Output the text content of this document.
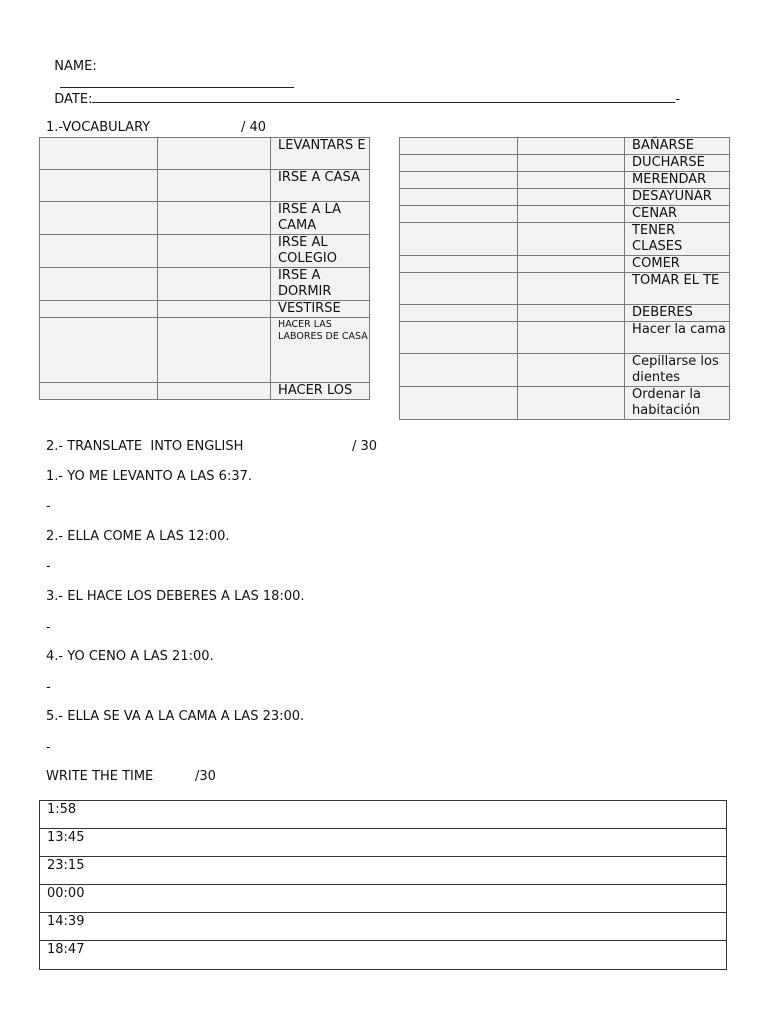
NAME:

DATE:	-

1.-VOCABULARY	/ 40
		LEVANTARS E
		IRSE A CASA
		IRSE A LA CAMA
		IRSE AL COLEGIO
		IRSE A DORMIR
		VESTIRSE
		HACER LAS LABORES DE CASA
		HACER LOS
		BAÑARSE
		DUCHARSE
		MERENDAR
		DESAYUNAR
		CENAR
		TENER CLASES
		COMER
		TOMAR EL TE
		DEBERES
		Hacer la cama
		Cepillarse los dientes
		Ordenar la habitación
2.- TRANSLATE  INTO ENGLISH	/ 30
1.- YO ME LEVANTO A LAS 6:37.
-
2.- ELLA COME A LAS 12:00.
-
3.- EL HACE LOS DEBERES A LAS 18:00.
-
4.- YO CENO A LAS 21:00.
-
5.- ELLA SE VA A LA CAMA A LAS 23:00.
-
WRITE THE TIME	/30
1:58
13:45
23:15
00:00
14:39
18:47
